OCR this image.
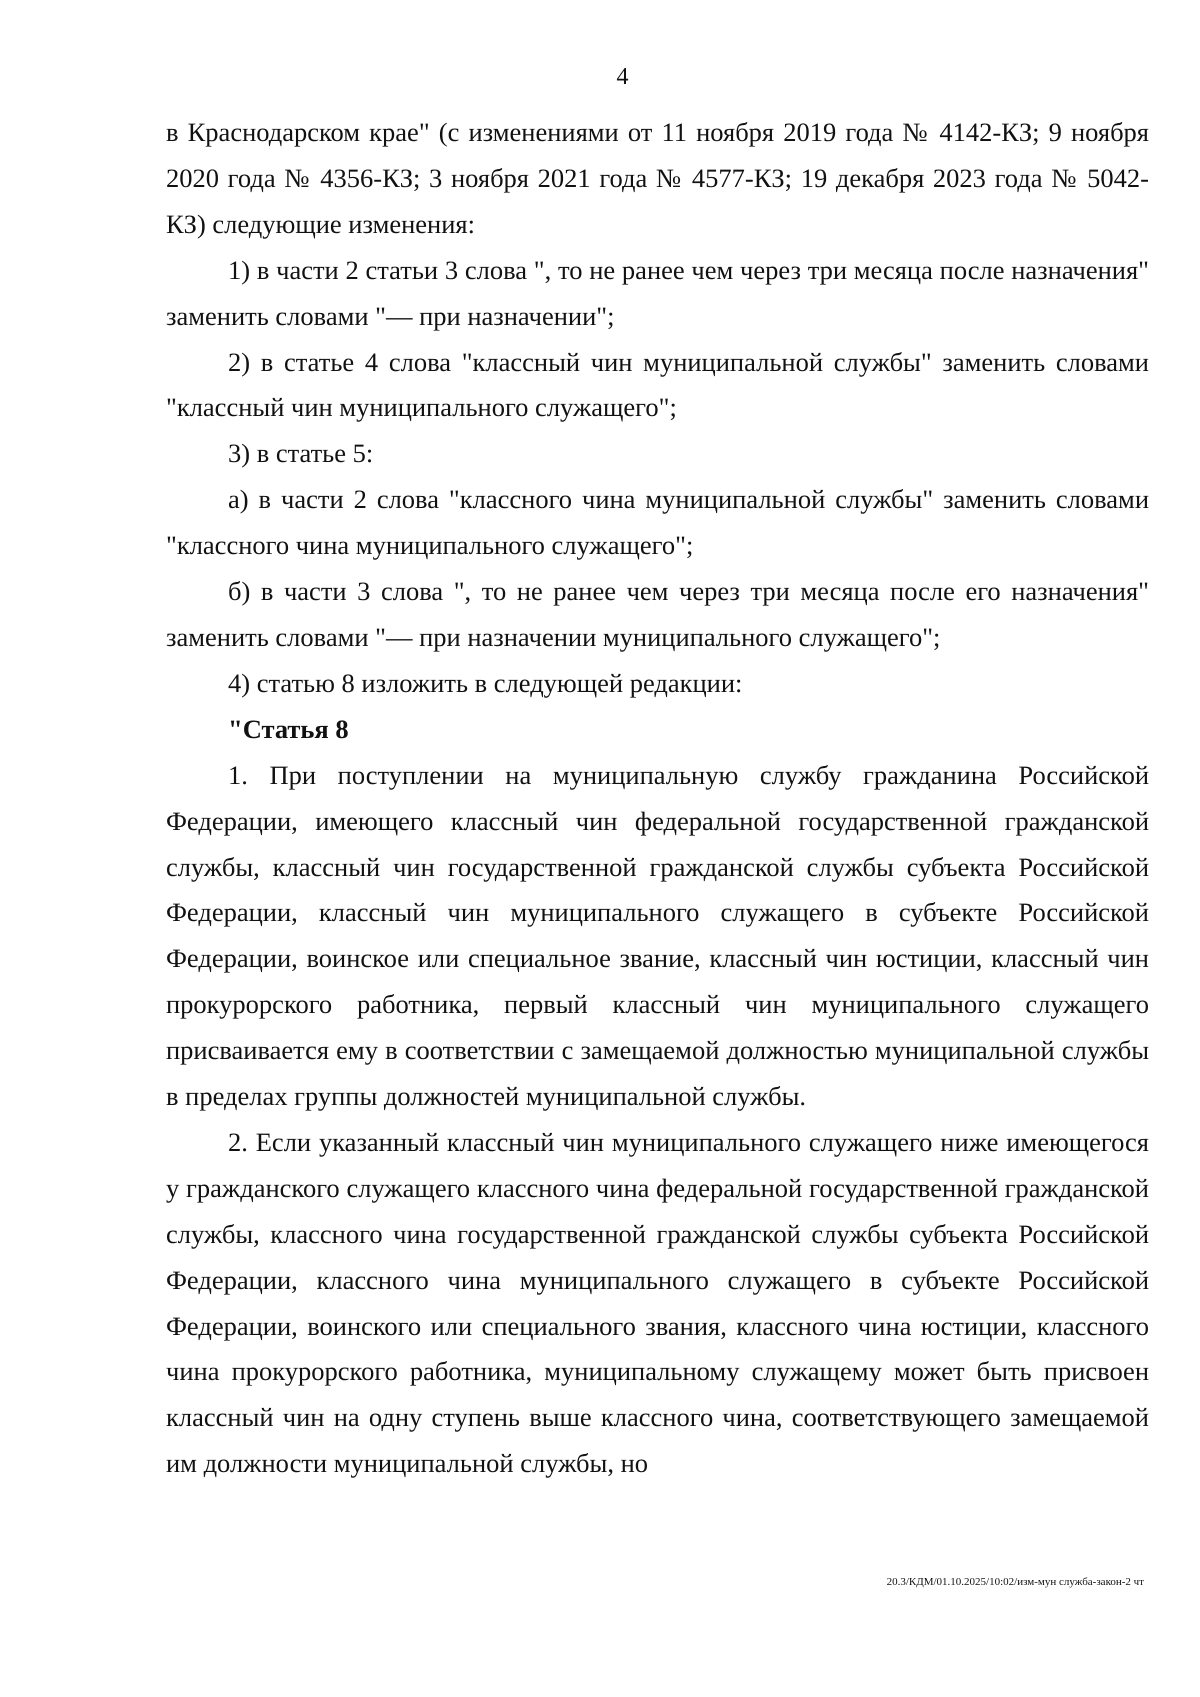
4

в Краснодарском крае" (с изменениями от 11 ноября 2019 года № 4142-КЗ; 9 ноября 2020 года № 4356-КЗ; 3 ноября 2021 года № 4577-КЗ; 19 декабря 2023 года № 5042-КЗ) следующие изменения:

1) в части 2 статьи 3 слова ", то не ранее чем через три месяца после назначения" заменить словами "— при назначении";

2) в статье 4 слова "классный чин муниципальной службы" заменить словами "классный чин муниципального служащего";

3) в статье 5:

а) в части 2 слова "классного чина муниципальной службы" заменить словами "классного чина муниципального служащего";

б) в части 3 слова ", то не ранее чем через три месяца после его назначения" заменить словами "— при назначении муниципального служащего";

4) статью 8 изложить в следующей редакции:

"Статья 8

1. При поступлении на муниципальную службу гражданина Российской Федерации, имеющего классный чин федеральной государственной гражданской службы, классный чин государственной гражданской службы субъекта Российской Федерации, классный чин муниципального служащего в субъекте Российской Федерации, воинское или специальное звание, классный чин юстиции, классный чин прокурорского работника, первый классный чин муниципального служащего присваивается ему в соответствии с замещаемой должностью муниципальной службы в пределах группы должностей муниципальной службы.

2. Если указанный классный чин муниципального служащего ниже имеющегося у гражданского служащего классного чина федеральной государственной гражданской службы, классного чина государственной гражданской службы субъекта Российской Федерации, классного чина муниципального служащего в субъекте Российской Федерации, воинского или специального звания, классного чина юстиции, классного чина прокурорского работника, муниципальному служащему может быть присвоен классный чин на одну ступень выше классного чина, соответствующего замещаемой им должности муниципальной службы, но

20.3/КДМ/01.10.2025/10:02/изм-мун служба-закон-2 чт
